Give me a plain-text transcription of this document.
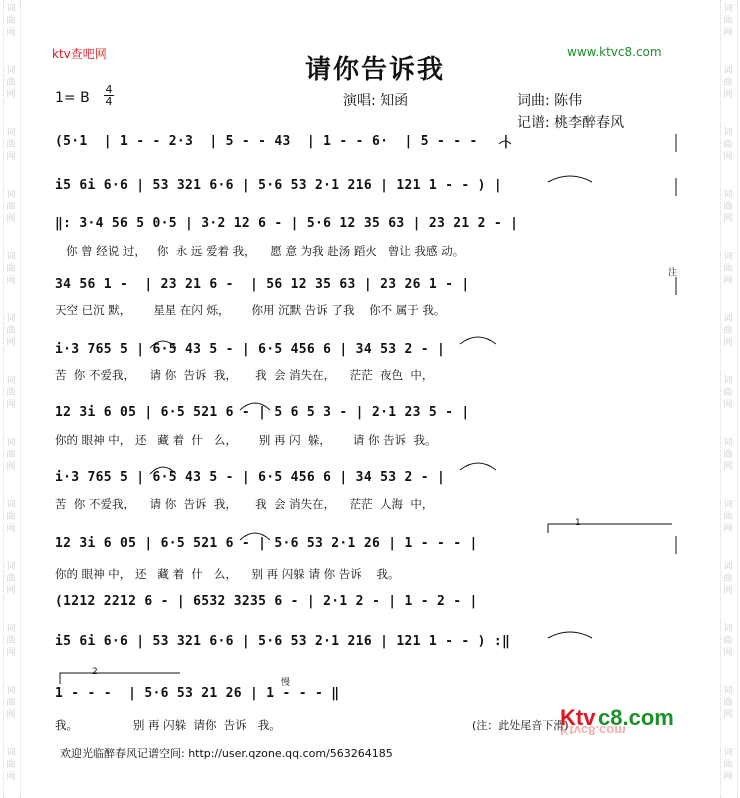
词
曲
网
词
曲
网
词
曲
网
词
曲
网
词
曲
网
词
曲
网
词
曲
网
词
曲
网
词
曲
网
词
曲
网
词
曲
网
词
曲
网
词
曲
网
词
曲
网
词
曲
网
词
曲
网
词
曲
网
词
曲
网
词
曲
网
词
曲
网
词
曲
网
词
曲
网
词
曲
网
词
曲
网
词
曲
网
词
曲
网
ktv查吧网	www.ktvc8.com
请你告诉我
1= B
4
4	演唱: 知函	词曲: 陈伟
记谱: 桃李醉春风
(5·1  | 1 - - 2·3  | 5 - - 43  | 1 - - 6·  | 5 - - -   |
i5 6i 6·6 | 53 321 6·6 | 5·6 53 2·1 216 | 121 1 - - ) |
‖: 3·4 56 5 0·5 | 3·2 12 6 - | 5·6 12 35 63 | 23 21 2 - |
你 曾 经说 过，   你  永 远 爱着 我，    愿 意 为我 赴汤 蹈火   曾让 我感 动。
34 56 1 -  | 23 21 6 -  | 56 12 35 63 | 23 26 1 - |
天空 已沉 默，      星星 在闪 烁，      你用 沉默 告诉 了我    你不 属于 我。
注
i·3 765 5 | 6·5 43 5 - | 6·5 456 6 | 34 53 2 - |
苦  你 不爱我，    请 你  告诉  我，     我  会 消失在，    茫茫  夜色  中，
12 3i 6 05 | 6·5 521 6 - | 5 6 5 3 - | 2·1 23 5 - |
你的 眼神 中， 还   藏 着  什   么，      别 再 闪  躲，      请 你 告诉  我。
i·3 765 5 | 6·5 43 5 - | 6·5 456 6 | 34 53 2 - |
苦  你 不爱我，    请 你  告诉  我，     我  会 消失在，    茫茫  人海  中，
12 3i 6 05 | 6·5 521 6 - | 5·6 53 2·1 26 | 1 - - - |
你的 眼神 中， 还   藏 着  什   么，    别 再 闪躲 请 你 告诉    我。
1
(1212 2212 6 - | 6532 3235 6 - | 2·1 2 - | 1 - 2 - |
i5 6i 6·6 | 53 321 6·6 | 5·6 53 2·1 216 | 121 1 - - ) :‖
2
慢
1 - - -  | 5·6 53 21 26 | 1 - - - ‖
我。               别 再 闪躲  请你  告诉   我。	(注：此处尾音下滑)
欢迎光临醉春风记谱空间: http://user.qzone.qq.com/563264185
Ktv c8.com
Ktvc8.com
